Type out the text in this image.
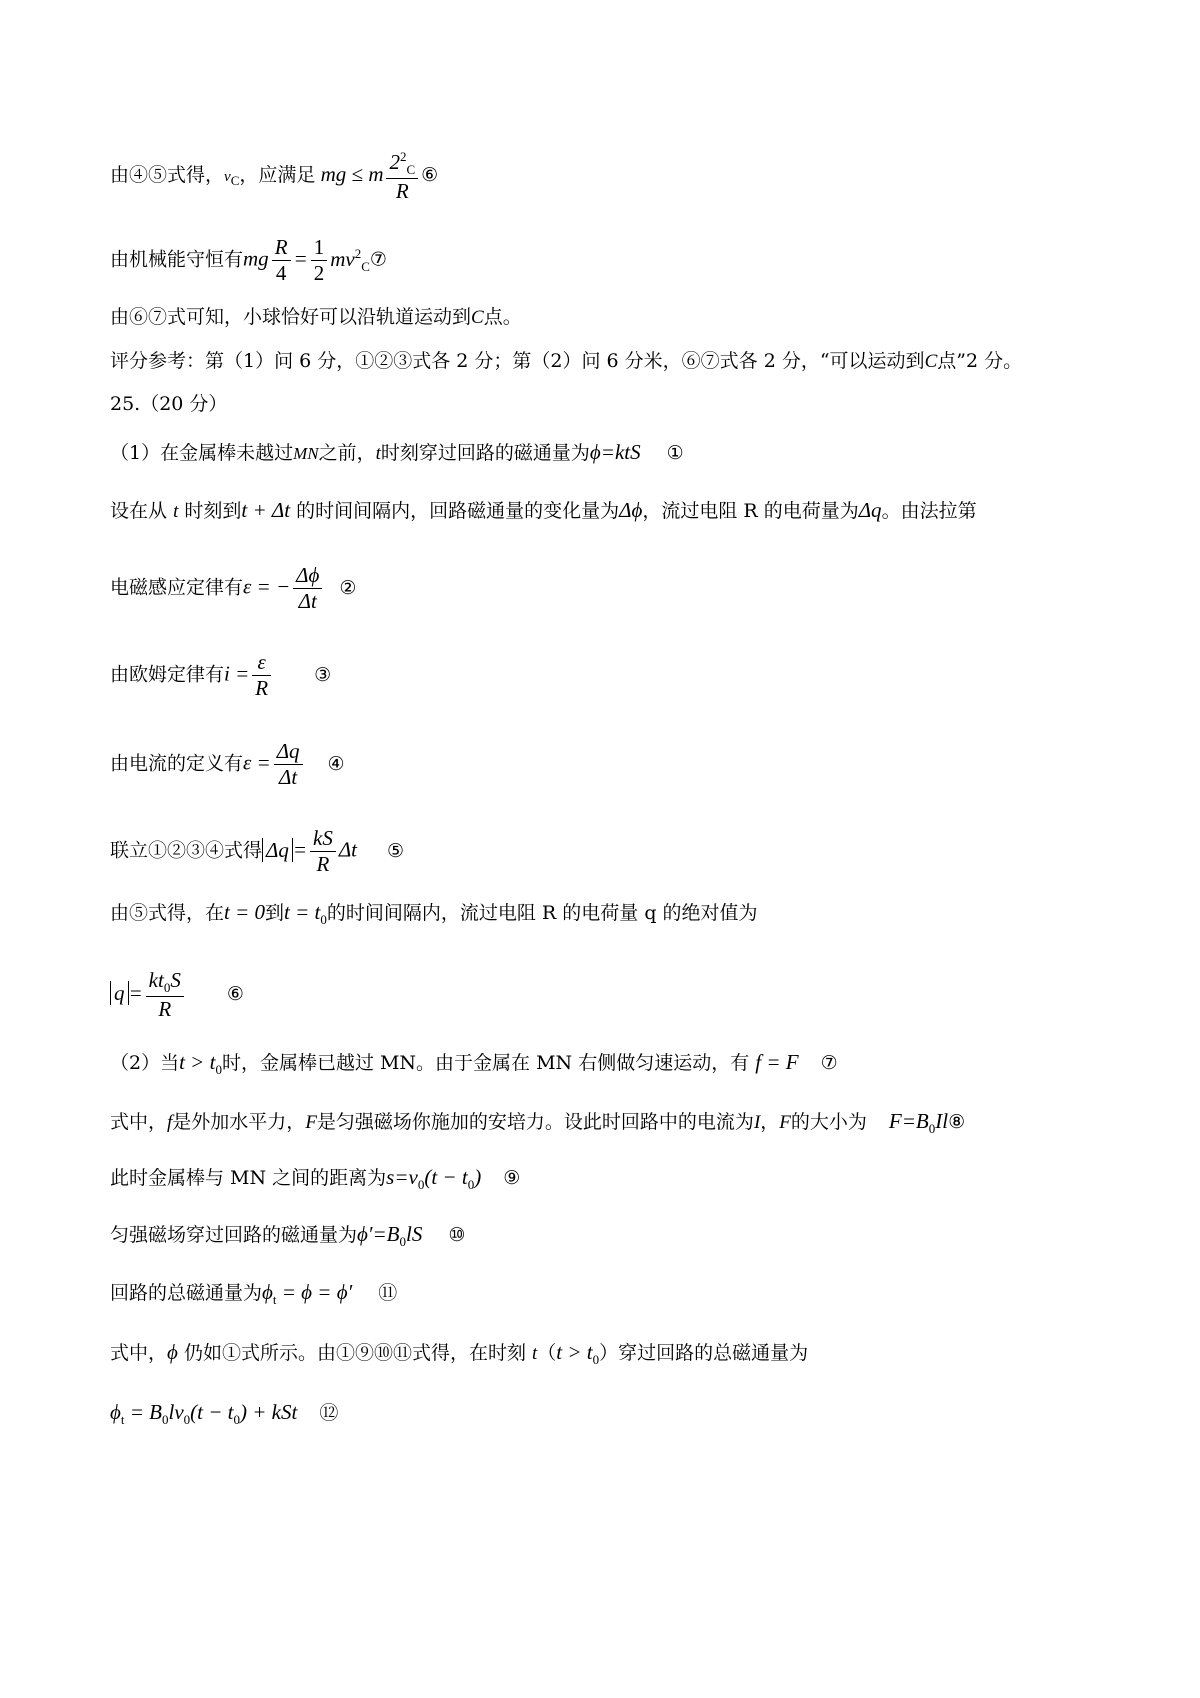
由④⑤式得，$v_C$，应满足 mg ≤ m $\frac{2^2_C}{R}$ ⑥
由机械能守恒有mg $\frac{R}{4} = \frac{1}{2}$ $mv^2_C⑦$
由⑥⑦式可知，小球恰好可以沿轨道运动到C点。
评分参考：第（1）问 6 分，①②③式各 2 分；第（2）问 6 分米，⑥⑦式各 2 分，“可以运动到C点”2 分。
25.（20 分）
（1）在金属棒未越过MN之前，t时刻穿过回路的磁通量为ϕ=ktS ①
设在从 t 时刻到t + Δt 的时间间隔内，回路磁通量的变化量为Δϕ，流过电阻 R 的电荷量为Δq。由法拉第
电磁感应定律有ε = − $\frac{\Delta\phi}{\Delta t}$ ②
由欧姆定律有$i = \frac{\varepsilon}{R}$ ③
由电流的定义有$\varepsilon = \frac{\Delta q}{\Delta t}$ ④
联立①②③④式得 $\Delta q = \frac{kS}{R}$ Δt ⑤
由⑤式得，在t = 0到$t = t_0$的时间间隔内，流过电阻 R 的电荷量 q 的绝对值为
$q = \frac{kt_0S}{R}$ ⑥
（2）当$t > t_0$时，金属棒已越过 MN。由于金属在 MN 右侧做匀速运动，有 f = F ⑦
式中，f是外加水平力，F是匀强磁场你施加的安培力。设此时回路中的电流为I，F的大小为 $F=B_0Il⑧$
此时金属棒与 MN 之间的距离为$s=v_0(t - t_0)$ ⑨
匀强磁场穿过回路的磁通量为$\phi'=B_0lS$ ⑩
回路的总磁通量为$\phi_t = \phi = \phi'$ ⑪
式中，ϕ 仍如①式所示。由①⑨⑩⑪式得，在时刻 $t(t > t_0)$穿过回路的总磁通量为
$\phi_t = B_0lv_0(t - t_0)$ + kSt ⑫
